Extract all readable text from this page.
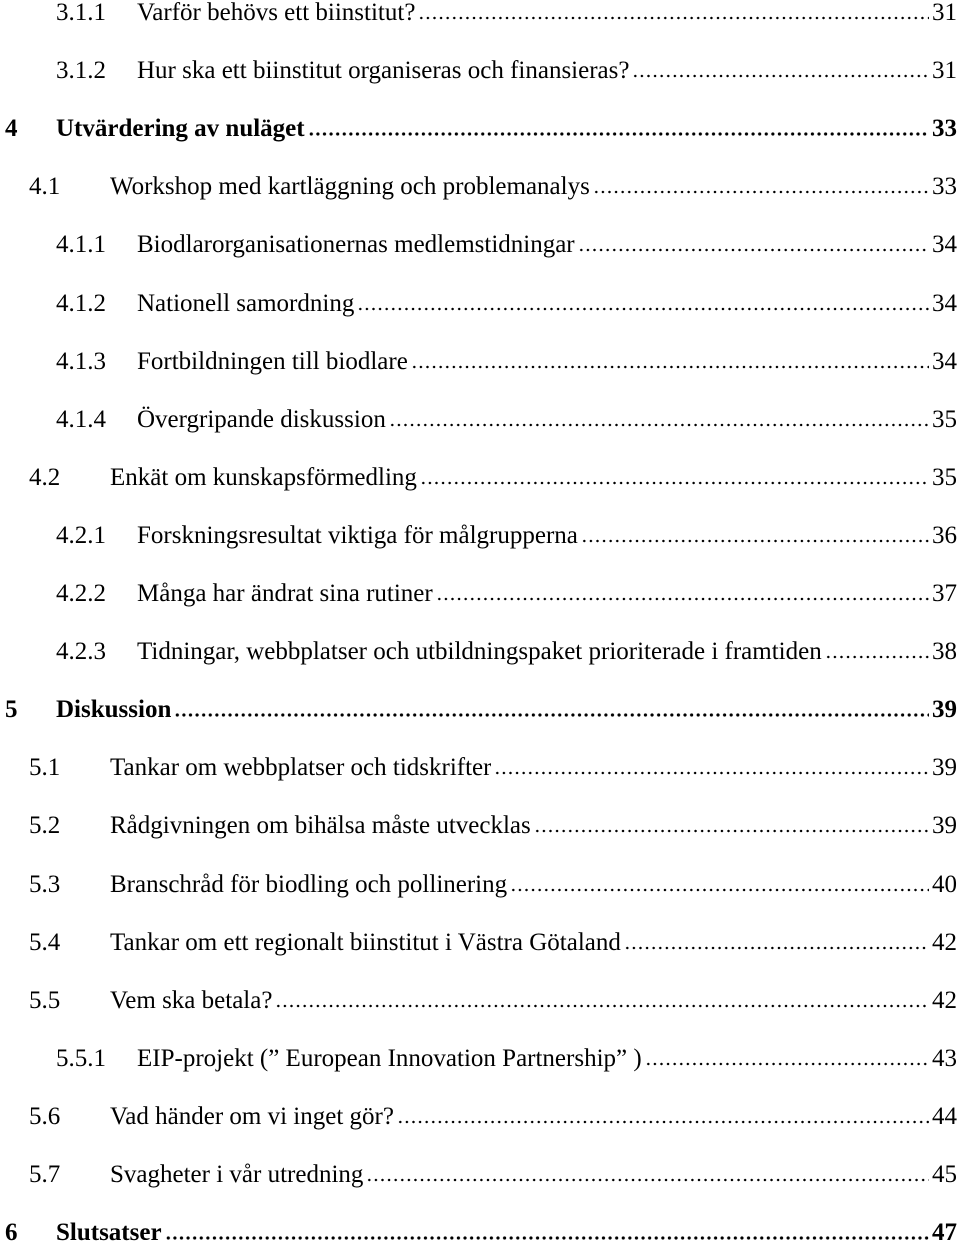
3.1.1	Varför behövs ett biinstitut?	31
3.1.2	Hur ska ett biinstitut organiseras och finansieras?	31
4	Utvärdering av nuläget	33
4.1	Workshop med kartläggning och problemanalys	33
4.1.1	Biodlarorganisationernas medlemstidningar	34
4.1.2	Nationell samordning	34
4.1.3	Fortbildningen till biodlare	34
4.1.4	Övergripande diskussion	35
4.2	Enkät om kunskapsförmedling	35
4.2.1	Forskningsresultat viktiga för målgrupperna	36
4.2.2	Många har ändrat sina rutiner	37
4.2.3	Tidningar, webbplatser och utbildningspaket prioriterade i framtiden	38
5	Diskussion	39
5.1	Tankar om webbplatser och tidskrifter	39
5.2	Rådgivningen om bihälsa måste utvecklas	39
5.3	Branschråd för biodling och pollinering	40
5.4	Tankar om ett regionalt biinstitut i Västra Götaland	42
5.5	Vem ska betala?	42
5.5.1	EIP-projekt (” European Innovation Partnership” )	43
5.6	Vad händer om vi inget gör?	44
5.7	Svagheter i vår utredning	45
6	Slutsatser	47
